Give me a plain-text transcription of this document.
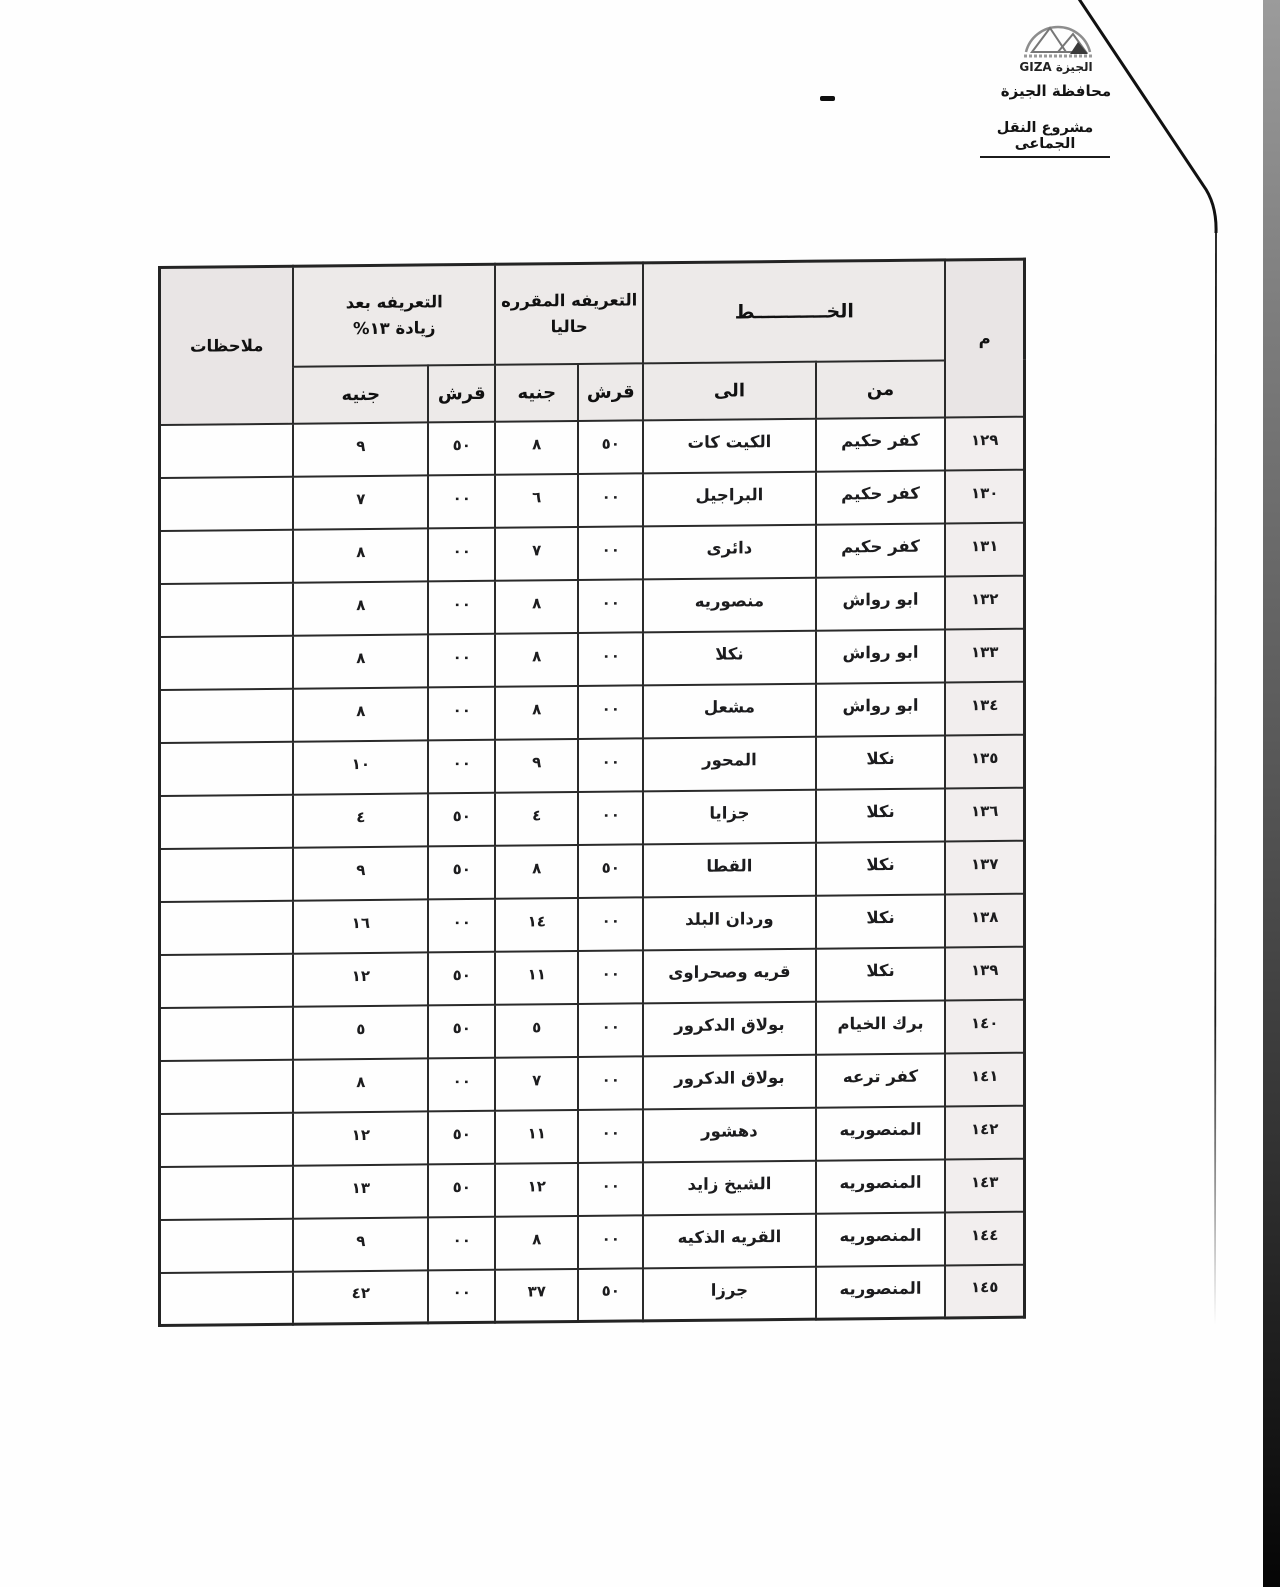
الجيزة GIZA
محافظة الجيزة
مشروع النقل الجماعى
م	الخـــــــــــط	
التعريفه المقرره
حاليا

التعريفه بعد
زيادة ١٣%
	ملاحظات
	من	الى	قرش	جنيه	قرش	جنيه	
١٢٩	كفر حكيم	الكيت كات	٥٠	٨	٥٠	٩	
١٣٠	كفر حكيم	البراجيل	٠٠	٦	٠٠	٧	
١٣١	كفر حكيم	دائرى	٠٠	٧	٠٠	٨	
١٣٢	ابو رواش	منصوريه	٠٠	٨	٠٠	٨	
١٣٣	ابو رواش	نكلا	٠٠	٨	٠٠	٨	
١٣٤	ابو رواش	مشعل	٠٠	٨	٠٠	٨	
١٣٥	نكلا	المحور	٠٠	٩	٠٠	١٠	
١٣٦	نكلا	جزايا	٠٠	٤	٥٠	٤	
١٣٧	نكلا	القطا	٥٠	٨	٥٠	٩	
١٣٨	نكلا	وردان البلد	٠٠	١٤	٠٠	١٦	
١٣٩	نكلا	قريه وصحراوى	٠٠	١١	٥٠	١٢	
١٤٠	برك الخيام	بولاق الدكرور	٠٠	٥	٥٠	٥	
١٤١	كفر ترعه	بولاق الدكرور	٠٠	٧	٠٠	٨	
١٤٢	المنصوريه	دهشور	٠٠	١١	٥٠	١٢	
١٤٣	المنصوريه	الشيخ زايد	٠٠	١٢	٥٠	١٣	
١٤٤	المنصوريه	القريه الذكيه	٠٠	٨	٠٠	٩	
١٤٥	المنصوريه	جرزا	٥٠	٣٧	٠٠	٤٢	
